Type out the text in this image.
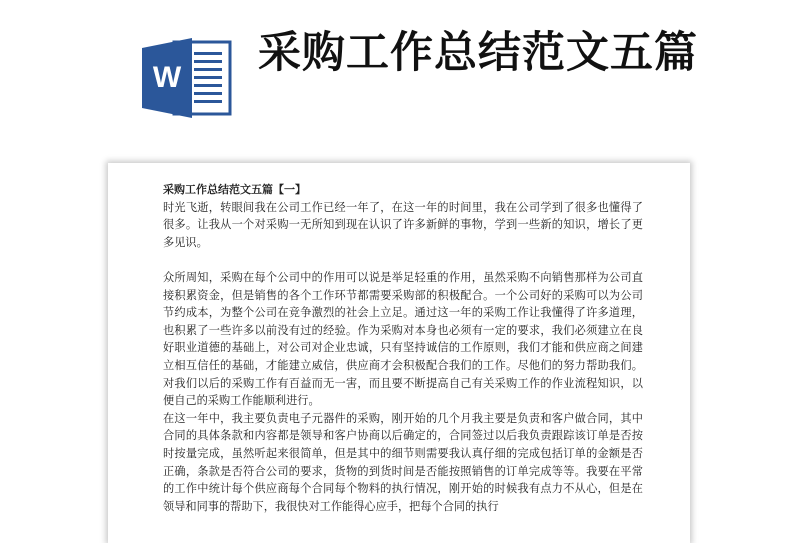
W 采购工作总结范文五篇

采购工作总结范文五篇【一】

时光飞逝，转眼间我在公司工作已经一年了，在这一年的时间里，我在公司学到了很多也懂得了很多。让我从一个对采购一无所知到现在认识了许多新鲜的事物，学到一些新的知识，增长了更多见识。

众所周知，采购在每个公司中的作用可以说是举足轻重的作用，虽然采购不向销售那样为公司直接积累资金，但是销售的各个工作环节都需要采购部的积极配合。一个公司好的采购可以为公司节约成本，为整个公司在竞争激烈的社会上立足。通过这一年的采购工作让我懂得了许多道理，也积累了一些许多以前没有过的经验。作为采购对本身也必须有一定的要求，我们必须建立在良好职业道德的基础上，对公司对企业忠诚，只有坚持诚信的工作原则，我们才能和供应商之间建立相互信任的基础，才能建立威信，供应商才会积极配合我们的工作。尽他们的努力帮助我们。对我们以后的采购工作有百益而无一害，而且要不断提高自己有关采购工作的作业流程知识，以便自己的采购工作能顺利进行。

在这一年中，我主要负责电子元器件的采购，刚开始的几个月我主要是负责和客户做合同，其中合同的具体条款和内容都是领导和客户协商以后确定的，合同签过以后我负责跟踪该订单是否按时按量完成，虽然听起来很简单，但是其中的细节则需要我认真仔细的完成包括订单的金额是否正确，条款是否符合公司的要求，货物的到货时间是否能按照销售的订单完成等等。我要在平常的工作中统计每个供应商每个合同每个物料的执行情况，刚开始的时候我有点力不从心，但是在领导和同事的帮助下，我很快对工作能得心应手，把每个合同的执行
